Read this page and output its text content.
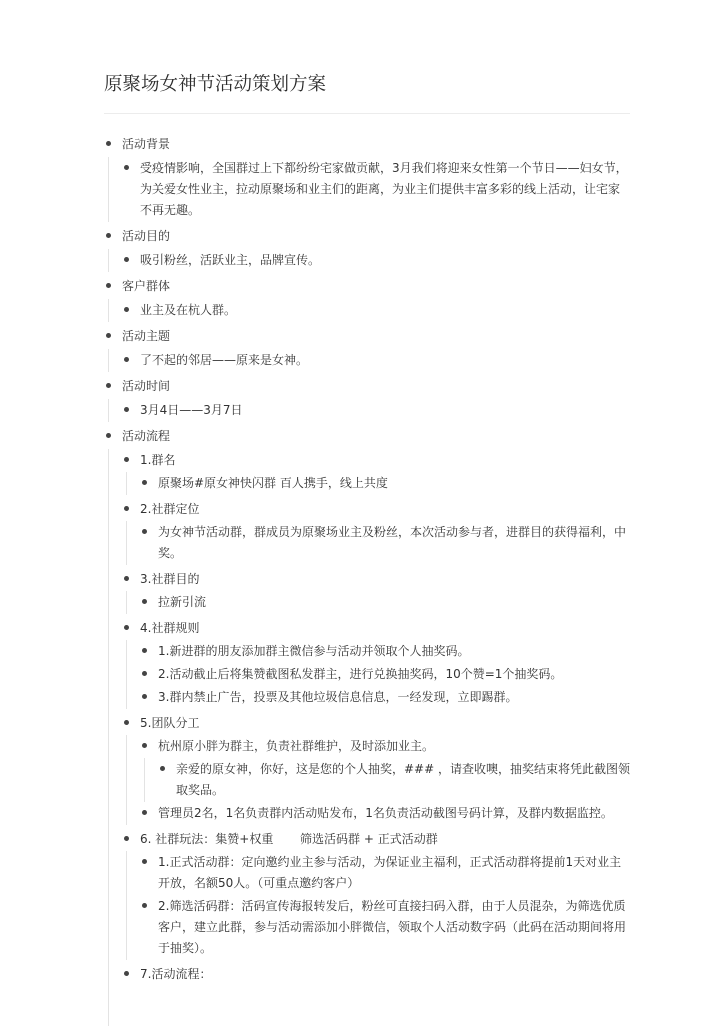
原聚场女神节活动策划方案
活动背景
受疫情影响，全国群过上下都纷纷宅家做贡献，3月我们将迎来女性第一个节日——妇女节，为关爱女性业主，拉动原聚场和业主们的距离，为业主们提供丰富多彩的线上活动，让宅家不再无趣。
活动目的
吸引粉丝，活跃业主，品牌宣传。
客户群体
业主及在杭人群。
活动主题
了不起的邻居——原来是女神。
活动时间
3月4日——3月7日
活动流程
1.群名
原聚场#原女神快闪群 百人携手，线上共度
2.社群定位
为女神节活动群，群成员为原聚场业主及粉丝，本次活动参与者，进群目的获得福利，中奖。
3.社群目的
拉新引流
4.社群规则
1.新进群的朋友添加群主微信参与活动并领取个人抽奖码。
2.活动截止后将集赞截图私发群主，进行兑换抽奖码，10个赞=1个抽奖码。
3.群内禁止广告，投票及其他垃圾信息信息，一经发现，立即踢群。
5.团队分工
杭州原小胖为群主，负责社群维护，及时添加业主。
亲爱的原女神，你好，这是您的个人抽奖，### ，请查收噢，抽奖结束将凭此截图领取奖品。
管理员2名，1名负责群内活动贴发布，1名负责活动截图号码计算，及群内数据监控。
6. 社群玩法：集赞+权重       筛选活码群 + 正式活动群
1.正式活动群：定向邀约业主参与活动，为保证业主福利，正式活动群将提前1天对业主开放，名额50人。（可重点邀约客户）
2.筛选活码群：活码宣传海报转发后，粉丝可直接扫码入群，由于人员混杂，为筛选优质客户，建立此群，参与活动需添加小胖微信，领取个人活动数字码（此码在活动期间将用于抽奖）。
7.活动流程：
